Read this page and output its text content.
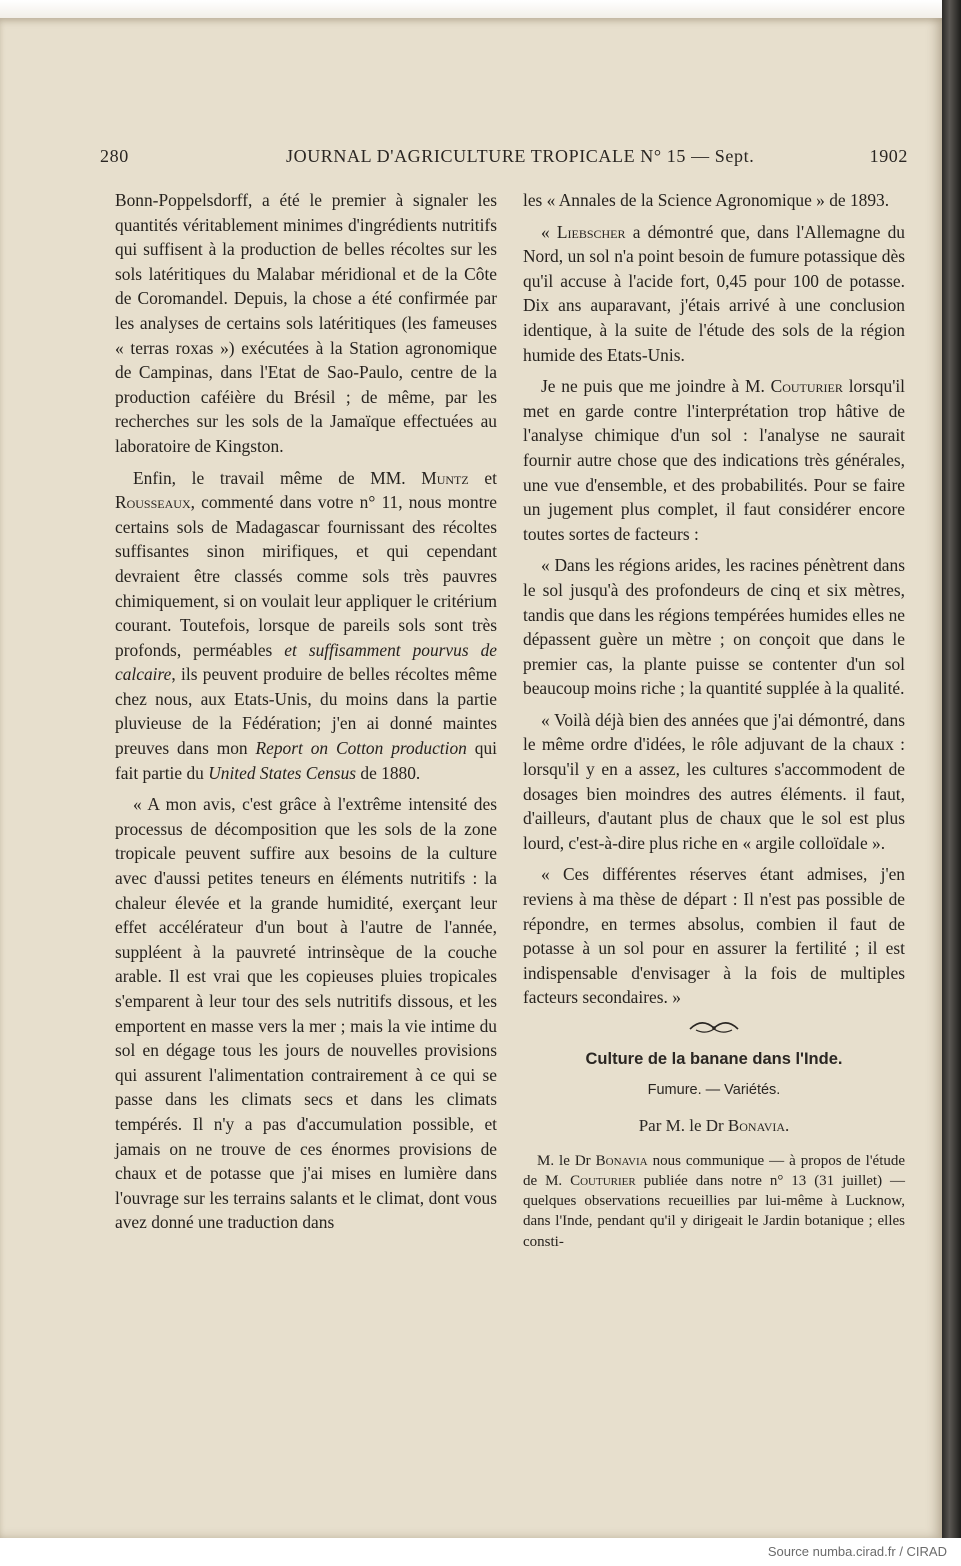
280	JOURNAL D'AGRICULTURE TROPICALE N° 15 — Sept.	1902

Bonn-Poppelsdorff, a été le premier à signaler les quantités véritablement minimes d'ingrédients nutritifs qui suffisent à la production de belles récoltes sur les sols latéritiques du Malabar méridional et de la Côte de Coromandel. Depuis, la chose a été confirmée par les analyses de certains sols latéritiques (les fameuses « terras roxas ») exécutées à la Station agronomique de Campinas, dans l'Etat de Sao-Paulo, centre de la production caféière du Brésil ; de même, par les recherches sur les sols de la Jamaïque effectuées au laboratoire de Kingston.

Enfin, le travail même de MM. Muntz et Rousseaux, commenté dans votre n° 11, nous montre certains sols de Madagascar fournissant des récoltes suffisantes sinon mirifiques, et qui cependant devraient être classés comme sols très pauvres chimiquement, si on voulait leur appliquer le critérium courant. Toutefois, lorsque de pareils sols sont très profonds, perméables et suffisamment pourvus de calcaire, ils peuvent produire de belles récoltes même chez nous, aux Etats-Unis, du moins dans la partie pluvieuse de la Fédération; j'en ai donné maintes preuves dans mon Report on Cotton production qui fait partie du United States Census de 1880.

« A mon avis, c'est grâce à l'extrême intensité des processus de décomposition que les sols de la zone tropicale peuvent suffire aux besoins de la culture avec d'aussi petites teneurs en éléments nutritifs : la chaleur élevée et la grande humidité, exerçant leur effet accélérateur d'un bout à l'autre de l'année, suppléent à la pauvreté intrinsèque de la couche arable. Il est vrai que les copieuses pluies tropicales s'emparent à leur tour des sels nutritifs dissous, et les emportent en masse vers la mer ; mais la vie intime du sol en dégage tous les jours de nouvelles provisions qui assurent l'alimentation contrairement à ce qui se passe dans les climats secs et dans les climats tempérés. Il n'y a pas d'accumulation possible, et jamais on ne trouve de ces énormes provisions de chaux et de potasse que j'ai mises en lumière dans l'ouvrage sur les terrains salants et le climat, dont vous avez donné une traduction dans

les « Annales de la Science Agronomique » de 1893.

« Liebscher a démontré que, dans l'Allemagne du Nord, un sol n'a point besoin de fumure potassique dès qu'il accuse à l'acide fort, 0,45 pour 100 de potasse. Dix ans auparavant, j'étais arrivé à une conclusion identique, à la suite de l'étude des sols de la région humide des Etats-Unis.

Je ne puis que me joindre à M. Couturier lorsqu'il met en garde contre l'interprétation trop hâtive de l'analyse chimique d'un sol : l'analyse ne saurait fournir autre chose que des indications très générales, une vue d'ensemble, et des probabilités. Pour se faire un jugement plus complet, il faut considérer encore toutes sortes de facteurs :

« Dans les régions arides, les racines pénètrent dans le sol jusqu'à des profondeurs de cinq et six mètres, tandis que dans les régions tempérées humides elles ne dépassent guère un mètre ; on conçoit que dans le premier cas, la plante puisse se contenter d'un sol beaucoup moins riche ; la quantité supplée à la qualité.

« Voilà déjà bien des années que j'ai démontré, dans le même ordre d'idées, le rôle adjuvant de la chaux : lorsqu'il y en a assez, les cultures s'accommodent de dosages bien moindres des autres éléments. il faut, d'ailleurs, d'autant plus de chaux que le sol est plus lourd, c'est-à-dire plus riche en « argile colloïdale ».

« Ces différentes réserves étant admises, j'en reviens à ma thèse de départ : Il n'est pas possible de répondre, en termes absolus, combien il faut de potasse à un sol pour en assurer la fertilité ; il est indispensable d'envisager à la fois de multiples facteurs secondaires. »

Culture de la banane dans l'Inde.
Fumure. — Variétés.
Par M. le Dr Bonavia.

M. le Dr Bonavia nous communique — à propos de l'étude de M. Couturier publiée dans notre n° 13 (31 juillet) — quelques observations recueillies par lui-même à Lucknow, dans l'Inde, pendant qu'il y dirigeait le Jardin botanique ; elles consti-

Source numba.cirad.fr / CIRAD
